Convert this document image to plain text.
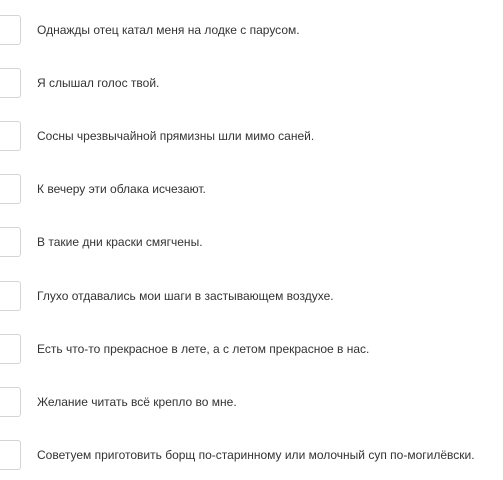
Однажды отец катал меня на лодке с парусом.
Я слышал голос твой.
Сосны чрезвычайной прямизны шли мимо саней.
К вечеру эти облака исчезают.
В такие дни краски смягчены.
Глухо отдавались мои шаги в застывающем воздухе.
Есть что-то прекрасное в лете, а с летом прекрасное в нас.
Желание читать всё крепло во мне.
Советуем приготовить борщ по-старинному или молочный суп по-могилёвски.
